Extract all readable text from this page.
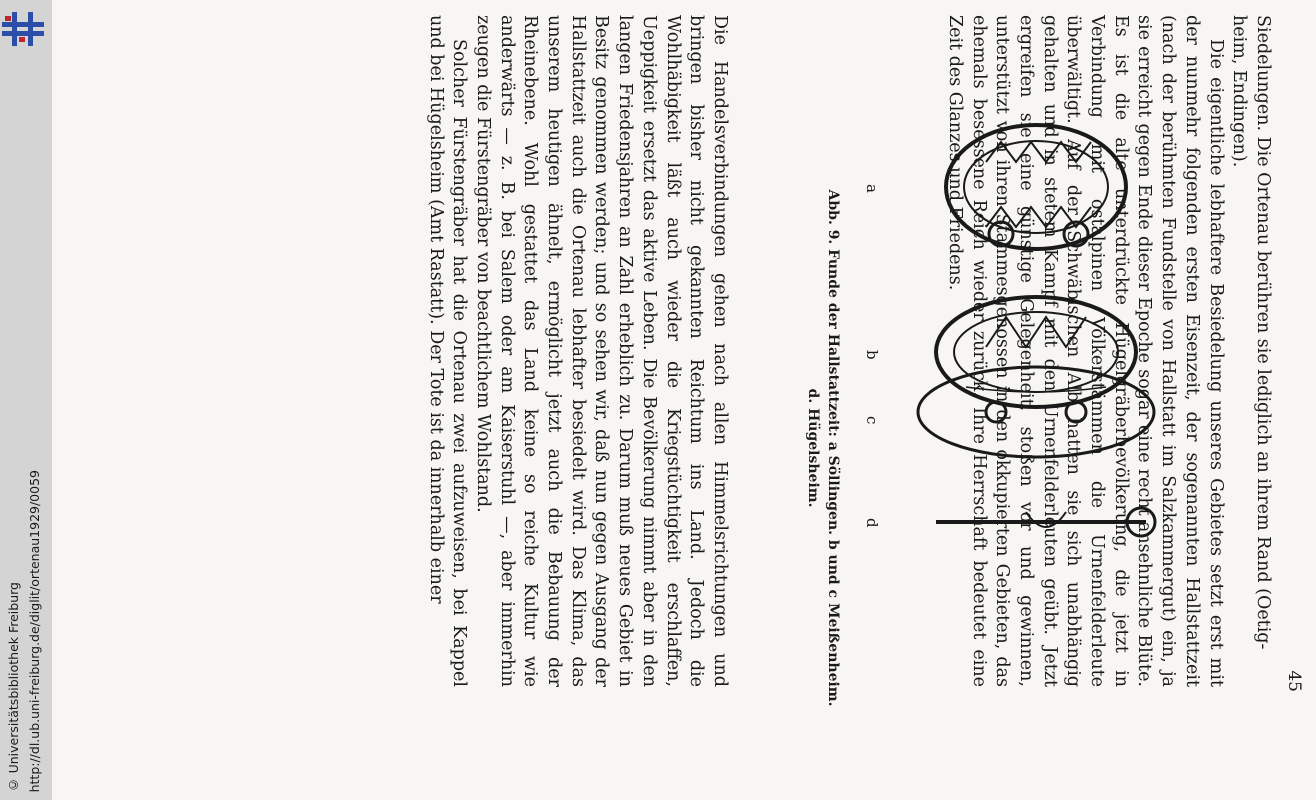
http://dl.ub.uni-freiburg.de/diglit/ortenau1929/0059
© Universitätsbibliothek Freiburg	45
Siedelungen. Die Ortenau berühren sie lediglich an ihrem Rand (Oetig-
heim, Endingen).
Die eigentliche lebhaftere Besiedelung unseres Gebietes setzt erst mit der nunmehr folgenden ersten Eisenzeit, der sogenannten Hallstattzeit (nach der berühmten Fundstelle von Hallstatt im Salzkammergut) ein, ja sie erreicht gegen Ende dieser Epoche sogar eine recht ansehnliche Blüte. Es ist die alte unterdrückte Hügelgräberbevölkerung, die jetzt in Verbindung mit ostalpinen Völkerstämmen die Urnenfelderleute überwältigt. Auf der Schwäbischen Alb hatten sie sich unabhängig gehalten und in stetem Kampf mit den Urnenfelderleuten geübt. Jetzt ergreifen sie eine günstige Gelegenheit, stoßen vor und gewinnen, unterstützt von ihren Stammesgenossen in den okkupierten Gebieten, das ehemals besessene Reich wieder zurück. Ihre Herrschaft bedeutet eine Zeit des Glanzes und Friedens.
a
b
c
d
Abb. 9. Funde der Hallstattzeit: a Söllingen. b und c Meißenheim.
d. Hügelsheim.
Die Handelsverbindungen gehen nach allen Himmelsrichtungen und bringen bisher nicht gekannten Reichtum ins Land. Jedoch die Wohlhäbigkeit läßt auch wieder die Kriegstüchtigkeit erschlaffen, Ueppigkeit ersetzt das aktive Leben. Die Bevölkerung nimmt aber in den langen Friedensjahren an Zahl erheblich zu. Darum muß neues Gebiet in Besitz genommen werden; und so sehen wir, daß nun gegen Ausgang der Hallstattzeit auch die Ortenau lebhafter besiedelt wird. Das Klima, das unserem heutigen ähnelt, ermöglicht jetzt auch die Bebauung der Rheinebene. Wohl gestattet das Land keine so reiche Kultur wie anderwärts — z. B. bei Salem oder am Kaiserstuhl —, aber immerhin zeugen die Fürstengräber von beachtlichem Wohlstand.
Solcher Fürstengräber hat die Ortenau zwei aufzuweisen, bei Kappel und bei Hügelsheim (Amt Rastatt). Der Tote ist da innerhalb einer
